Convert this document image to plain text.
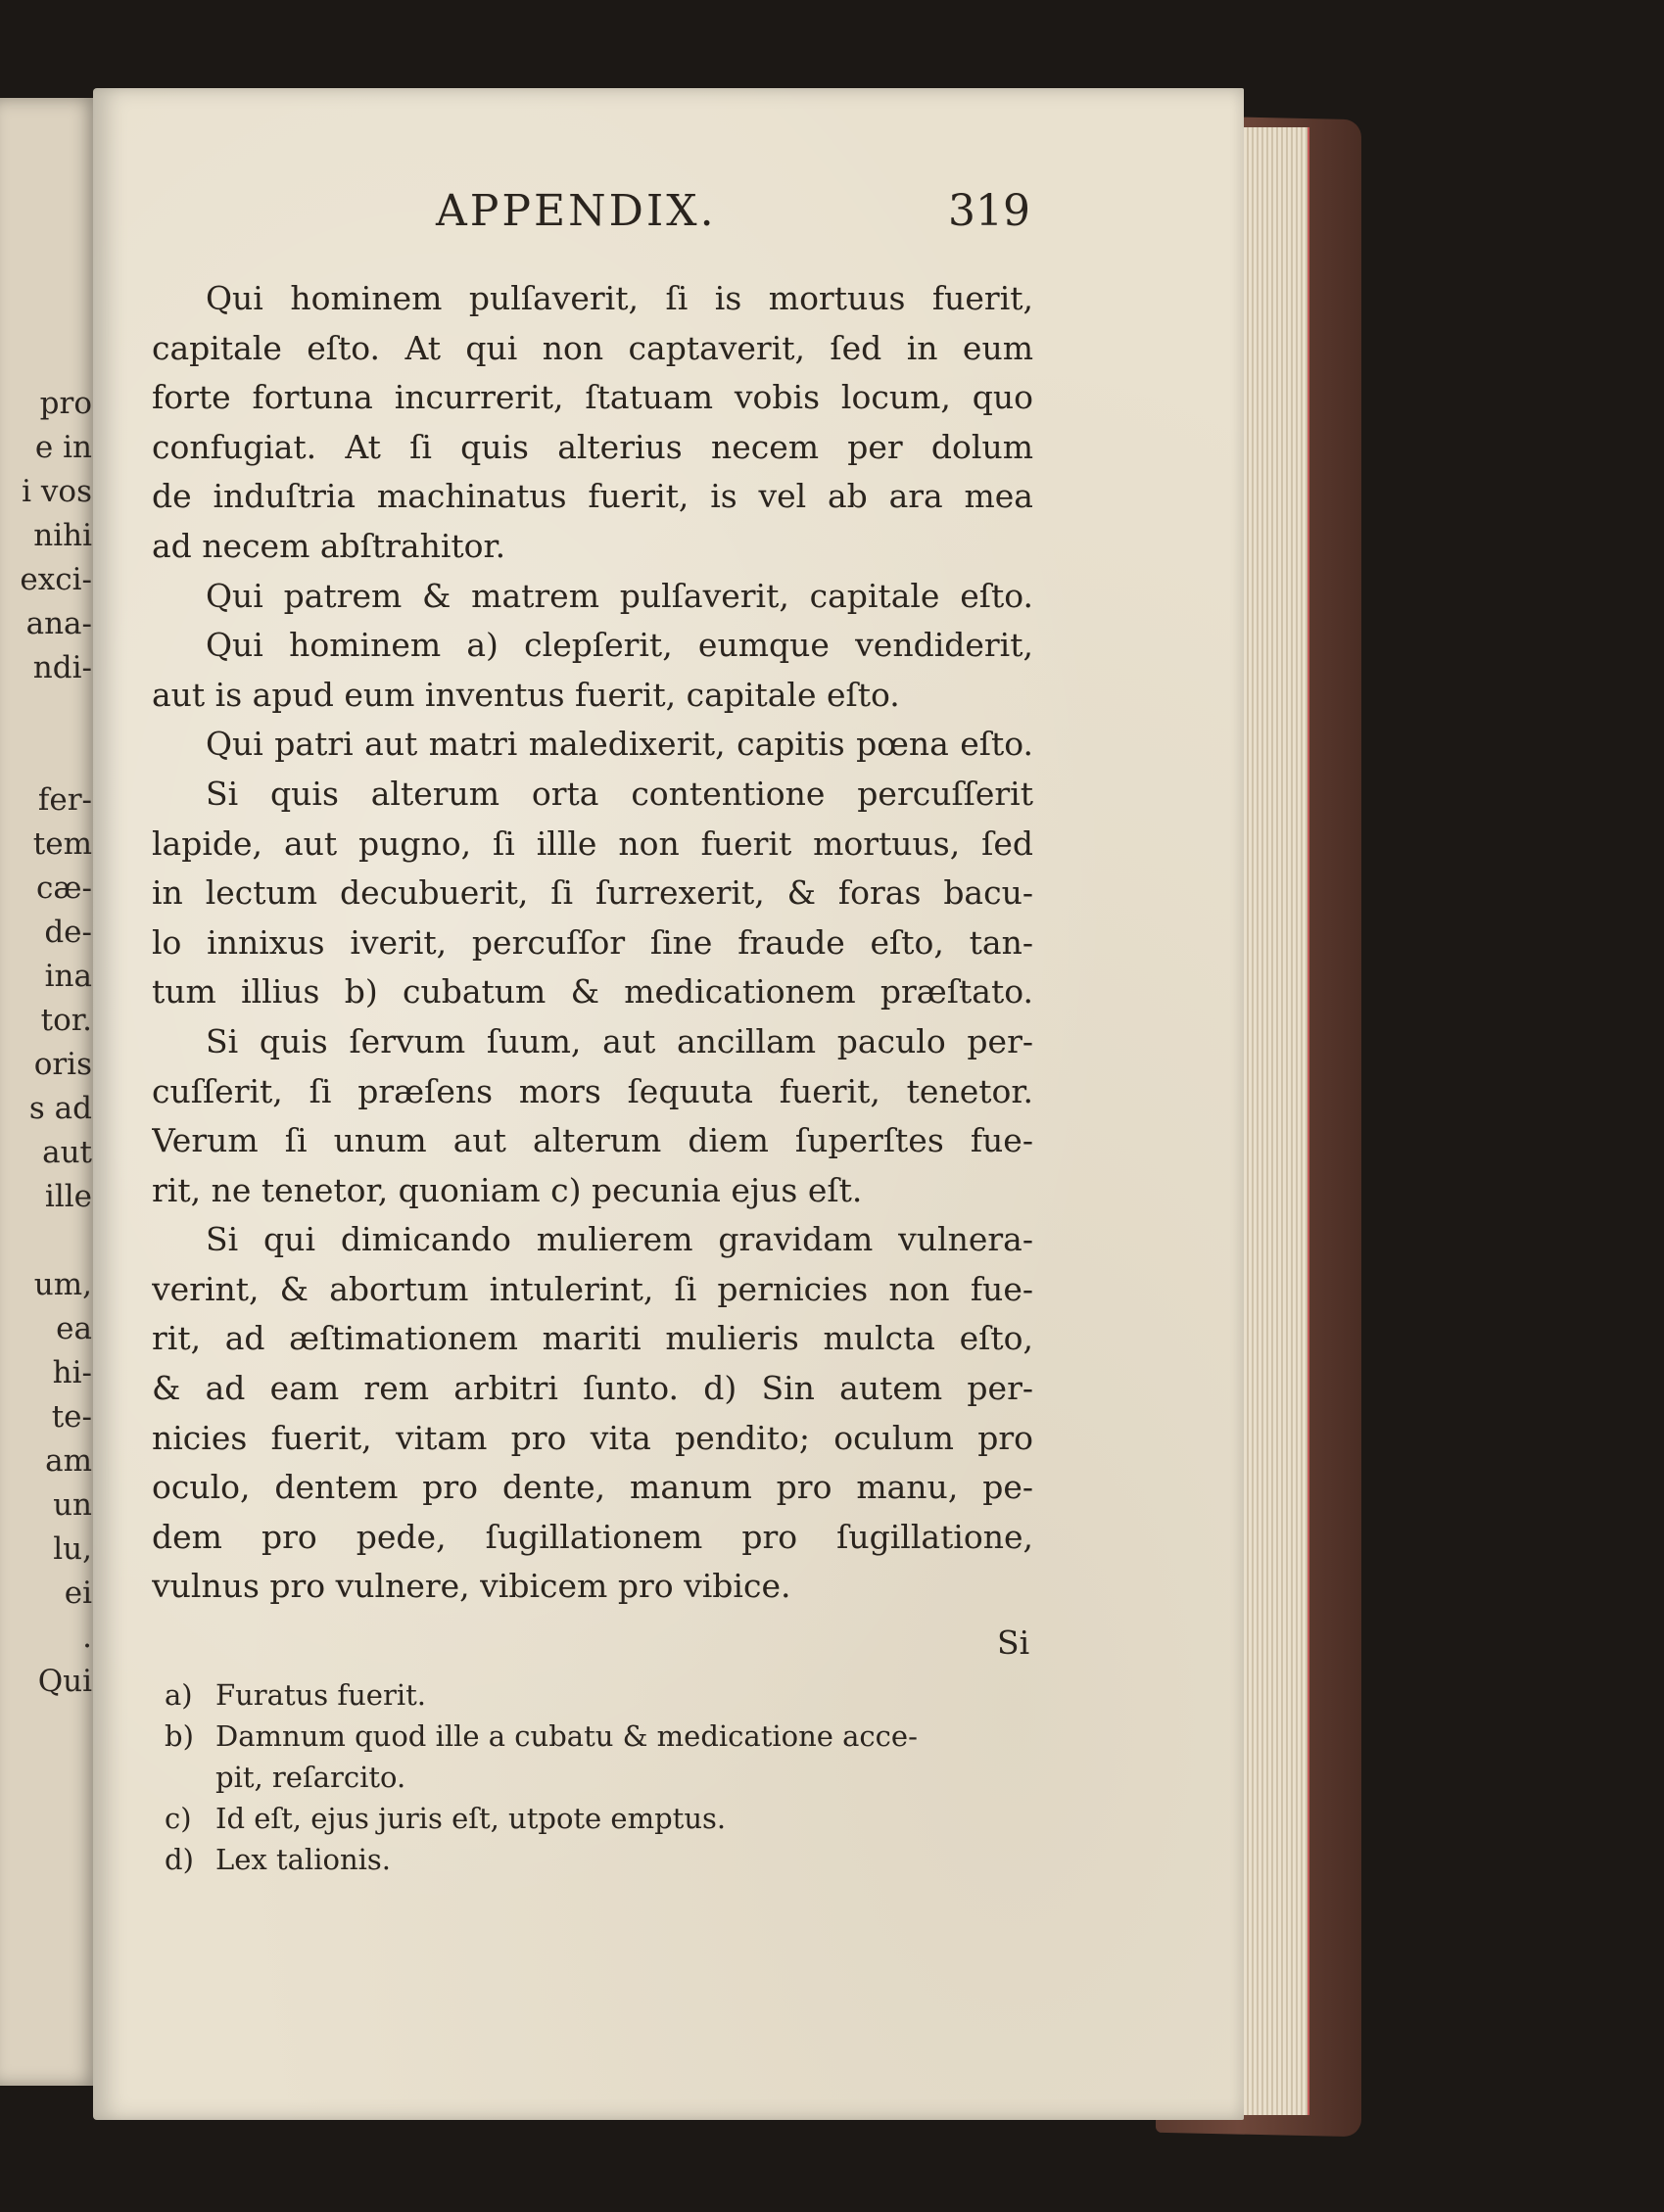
pro
e in
i vos
nihi
exci-
ana-
ndi-
fer-
tem
cæ-
de-
ina
tor.
oris
s ad
aut
ille
um,
ea
hi-
te-
am
un
lu,
ei
.
Qui
APPENDIX.	319
Qui hominem pulſaverit, ſi is mortuus fuerit,
capitale eſto. At qui non captaverit, ſed in eum
forte fortuna incurrerit, ſtatuam vobis locum, quo
confugiat. At ſi quis alterius necem per dolum
de induſtria machinatus fuerit, is vel ab ara mea
ad necem abſtrahitor.
Qui patrem & matrem pulſaverit, capitale eſto.
Qui hominem a) clepſerit, eumque vendiderit,
aut is apud eum inventus fuerit, capitale eſto.
Qui patri aut matri maledixerit, capitis pœna eſto.
Si quis alterum orta contentione percuſſerit
lapide, aut pugno, ſi illle non fuerit mortuus, ſed
in lectum decubuerit, ſi ſurrexerit, & foras bacu-
lo innixus iverit, percuſſor ſine fraude eſto, tan-
tum illius b) cubatum & medicationem præſtato.
Si quis ſervum ſuum, aut ancillam paculo per-
cuſſerit, ſi præſens mors ſequuta fuerit, tenetor.
Verum ſi unum aut alterum diem ſuperſtes fue-
rit, ne tenetor, quoniam c) pecunia ejus eſt.
Si qui dimicando mulierem gravidam vulnera-
verint, & abortum intulerint, ſi pernicies non fue-
rit, ad æſtimationem mariti mulieris mulcta eſto,
& ad eam rem arbitri ſunto. d) Sin autem per-
nicies fuerit, vitam pro vita pendito; oculum pro
oculo, dentem pro dente, manum pro manu, pe-
dem pro pede, ſugillationem pro ſugillatione,
vulnus pro vulnere, vibicem pro vibice.
Si
a) Furatus fuerit.
b) Damnum quod ille a cubatu & medicatione acce-
pit, reſarcito.
c) Id eſt, ejus juris eſt, utpote emptus.
d) Lex talionis.
